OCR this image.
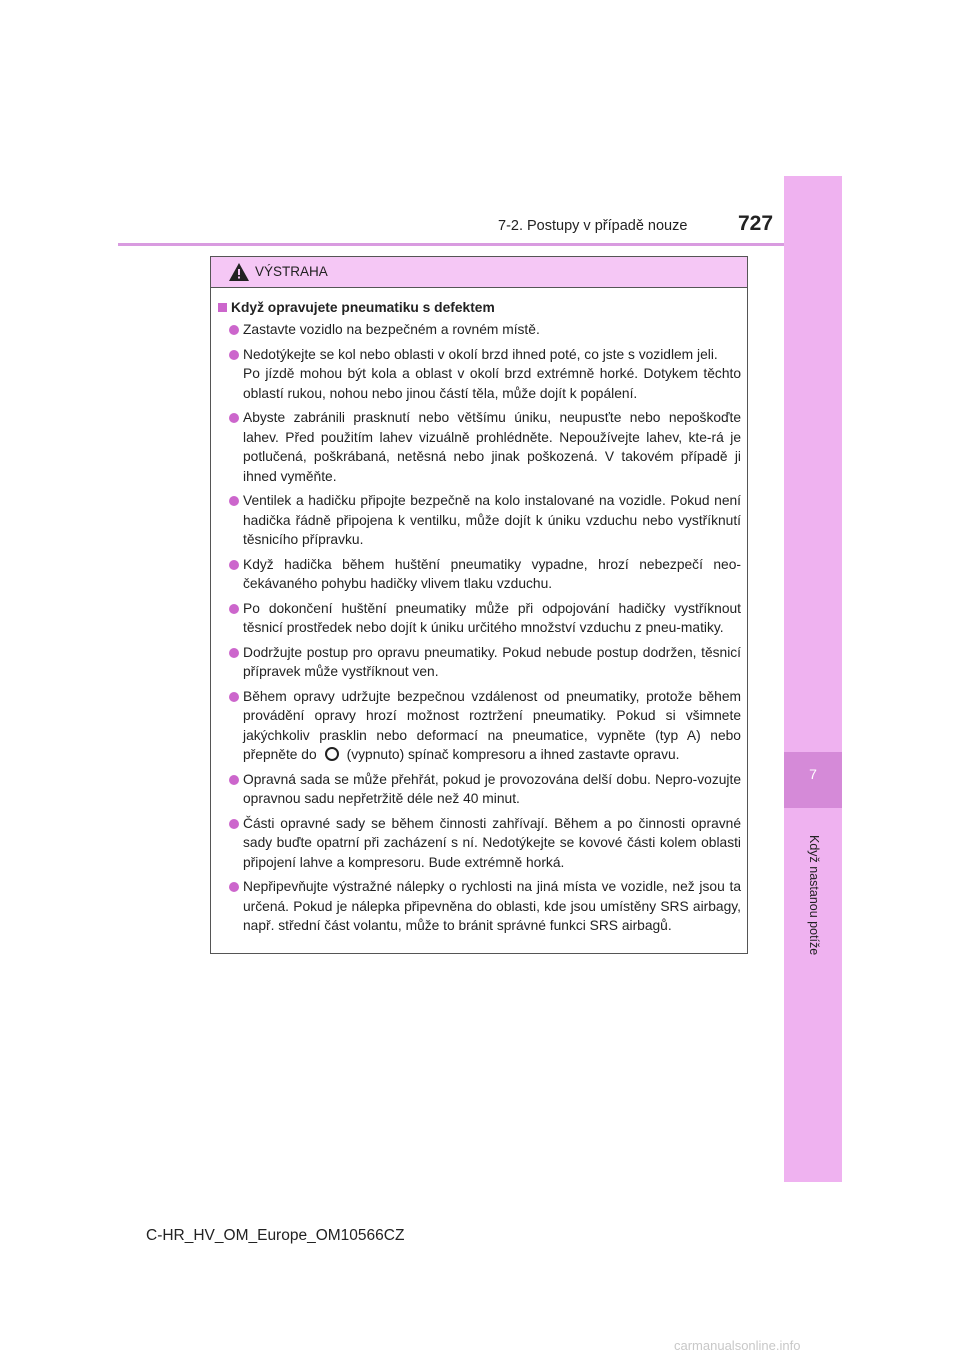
7
Když nastanou potíže
7-2. Postupy v případě nouze 727
VÝSTRAHA
Když opravujete pneumatiku s defektem
Zastavte vozidlo na bezpečném a rovném místě.
Nedotýkejte se kol nebo oblasti v okolí brzd ihned poté, co jste s vozidlem jeli.
Po jízdě mohou být kola a oblast v okolí brzd extrémně horké. Dotykem těchto oblastí rukou, nohou nebo jinou částí těla, může dojít k popálení.
Abyste zabránili prasknutí nebo většímu úniku, neupusťte nebo nepoškoďte lahev. Před použitím lahev vizuálně prohlédněte. Nepoužívejte lahev, kte-rá je potlučená, poškrábaná, netěsná nebo jinak poškozená. V takovém případě ji ihned vyměňte.
Ventilek a hadičku připojte bezpečně na kolo instalované na vozidle. Pokud není hadička řádně připojena k ventilku, může dojít k úniku vzduchu nebo vystříknutí těsnicího přípravku.
Když hadička během huštění pneumatiky vypadne, hrozí nebezpečí neo-čekávaného pohybu hadičky vlivem tlaku vzduchu.
Po dokončení huštění pneumatiky může při odpojování hadičky vystříknout těsnicí prostředek nebo dojít k úniku určitého množství vzduchu z pneu-matiky.
Dodržujte postup pro opravu pneumatiky. Pokud nebude postup dodržen, těsnicí přípravek může vystříknout ven.
Během opravy udržujte bezpečnou vzdálenost od pneumatiky, protože během provádění opravy hrozí možnost roztržení pneumatiky. Pokud si všimnete jakýchkoliv prasklin nebo deformací na pneumatice, vypněte (typ A) nebo přepněte do (vypnuto) spínač kompresoru a ihned zastavte opravu.
Opravná sada se může přehřát, pokud je provozována delší dobu. Nepro-vozujte opravnou sadu nepřetržitě déle než 40 minut.
Části opravné sady se během činnosti zahřívají. Během a po činnosti opravné sady buďte opatrní při zacházení s ní. Nedotýkejte se kovové části kolem oblasti připojení lahve a kompresoru. Bude extrémně horká.
Nepřipevňujte výstražné nálepky o rychlosti na jiná místa ve vozidle, než jsou ta určená. Pokud je nálepka připevněna do oblasti, kde jsou umístěny SRS airbagy, např. střední část volantu, může to bránit správné funkci SRS airbagů.
C-HR_HV_OM_Europe_OM10566CZ
carmanualsonline.info
